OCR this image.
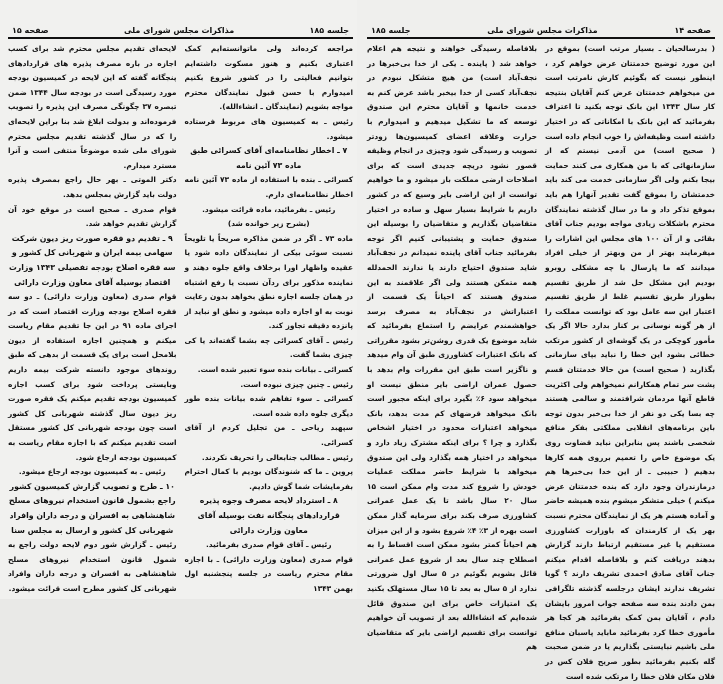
جلسه ۱۸۵
مذاکرات مجلس شورای ملی
صفحه ۱۵

مراجعه کرده‌اند ولی ماتوانسته‌ایم کمک اعتباری بکنیم و هنوز مسکوت داشته‌ایم بتوانیم فعالیتی را در کشور شروع بکنیم امیدوارم با حسن قبول نمایندگان محترم مواجه بشویم (نمایندگان ـ انشاءالله).

رئیس ـ به کمیسیون های مربوط فرستاده میشود.

۷ ـ اخطار نظامنامه‌ای آقای کسرائی طبق ماده ۷۳ آئین نامه

کسرائی ـ بنده با استفاده از ماده ۷۳ آئین نامه اخطار نظامنامه‌ای دارم.

رئیس ـ بفرمائید، ماده قرائت میشود.

(بشرح زیر خوانده شد)

ماده ۷۳ ـ اگر در ضمن مذاکره صریحاً یا تلویحاً نسبت سوئی بیکی از نمایندگان داده شود یا عقیده واظهار اورا برخلاف واقع جلوه دهند و نماینده مذکور برای ردآن نسبت یا رفع اشتباه در همان جلسه اجازه نطق بخواهد بدون رعایت نوبت به او اجازه داده میشود و نطق او نباید از پانزده دقیقه تجاوز کند.

رئیس ـ آقای کسرائی چه بشما گفته‌اند یا کی چیزی بشما گفت.

کسرائی ـ بیانات بنده سوء تعبیر شده است.

رئیس ـ چنین چیزی نبوده است.

کسرائی ـ سوء تفاهم شده بیانات بنده طور دیگری جلوه داده شده است.

سپهبد ریاحی ـ من تجلیل کردم از آقای کسرائی.

رئیس ـ مطالب جنابعالی را تحریف نکردند.

پروین ـ ما که شنوندگان بودیم با کمال احترام بفرمایشات شما گوش دادیم.

۸ ـ استرداد لایحه مصرف وجوه پذیره قراردادهای پنجگانه نفت بوسیله آقای معاون وزارت دارائی

رئیس ـ آقای قوام صدری بفرمائید.

قوام صدری (معاون وزارت دارائی) ـ با اجازه مقام محترم ریاست در جلسه پنجشنبه اول بهمن ۱۳۴۳

لایحه‌ای تقدیم مجلس محترم شد برای کسب اجازه در باره مصرف پذیره های قراردادهای پنجگانه گفته که این لایحه در کمیسیون بودجه مورد رسیدگی است در بودجه سال ۱۳۴۴ ضمن تبصره ۳۷ چگونگی مصرف این پذیره را تصویب فرموده‌اند و بدولت ابلاغ شد بنا براین لایحه‌ای را که در سال گذشته تقدیم مجلس محترم شورای ملی شده موضوعاً منتفی است و آنرا مسترد میدارم.

دکتر الموتی ـ بهر حال راجع بمصرف پذیره دولت باید گزارش بمجلس بدهد.

قوام صدری ـ صحیح است در موقع خود آن گزارش تقدیم خواهد شد.

۹ ـ تقدیم دو فقره صورت ریز دیون شرکت سهامی بیمه ایران و شهربانی کل کشور و سه فقره اصلاح بودجه تفصیلی ۱۳۴۳ وزارت اقتصاد بوسیله آقای معاون وزارت دارائی

قوام صدری (معاون وزارت دارائی) ـ دو سه فقره اصلاح بودجه وزارت اقتصاد است که در اجرای ماده ۹۱ در این جا تقدیم مقام ریاست میکنم و همچنین اجازه استفاده از دیون بلامحل است برای یک قسمت از بدهی که طبق روندهای موجود دانسته شرکت بیمه داریم وبایستی پرداخت شود برای کسب اجازه کمیسیون بودجه تقدیم میکنم یک فقره صورت ریز دیون سال گذشته شهربانی کل کشور است چون بودجه شهربانی کل کشور مستقل است تقدیم میکنم که با اجازه مقام ریاست به کمیسیون بودجه ارجاع شود.

رئیس ـ به کمیسیون بودجه ارجاع میشود.

۱۰ ـ طرح و تصویب گزارش کمیسیون کشور راجع بشمول قانون استخدام نیروهای مسلح شاهنشاهی به افسران و درجه داران وافراد شهربانی کل کشور و ارسال به مجلس سنا

رئیس ـ گزارش شور دوم لایحه دولت راجع به شمول قانون استخدام نیروهای مسلح شاهنشاهی به افسران و درجه داران وافراد شهربانی کل کشور مطرح است قرائت میشود.

صفحه ۱۴
مذاکرات مجلس شورای ملی
جلسه ۱۸۵

( بدرسالحیان ـ بسیار مرتب است) بموقع در این مورد توضیح خدمتتان عرض خواهم کرد ، اینطور نیست که بگوئیم کارش نامرتب است من میخواهم خدمتتان عرض کنم آقایان بنتیجه کار سال ۱۳۴۳ این بانک توجه بکنید تا اعتراف بفرمائید که این بانک با امکاناتی که در اختیار داشته است وظیفه‌اش را خوب انجام داده است ( صحیح است) من آدمی نیستم که از سازمانهائی که با من همکاری می کنند حمایت بیجا بکنم ولی اگر سازمانی خدمت می کند باید خدمتشان را بموقع گفت تقدیر آنهارا هم باید بموقع تذکر داد و ما در سال گذشته نمایندگان محترم باشکلات زیادی مواجه بودیم جناب آقای بقائی و از آن ۱۰۰ های مجلس این اشارات را میفرمایند بهتر از من وبهتر از خیلی افراد میدانند که ما پارسال با چه مشکلی روبرو بودیم این مشکل حل شد از طریق تقسیم بطوراز طریق تقسیم غلط از طریق تقسیم اعتبار این سه عامل بود که توانست مملکت را از هر گونه نوسانی بر کنار بدارد حالا اگر یک مأمور کوچکی در یک گوشه‌ای از کشور مرتکب خطائی بشود این خطا را نباید بپای سازمانی بگذارید ( صحیح است) من حالا خدمتتان قسم پشت سر تمام همکارانم نمیخواهم ولی اکثریت قاطع آنها مردمان شرافتمند و سالمی هستند چه بسا یکی دو نفر از خدا بی‌خبر بدون توجه باین برنامه‌های انقلابی مملکتی بفکر منافع شخصی باشند پس بنابراین نباید قضاوت روی یک موضوع خاص را تعمیم برروی همه کارها بدهیم ( حبیبی ـ از این خدا بی‌خبر‌ها هم درمازندران وجود دارد که بنده خدمتتان عرض میکنم ) خیلی متشکر میشوم بنده همیشه حاضر و آماده هستم هر یک از نمایندگان محترم نسبت بهر یک از کارمندان که باوزارت کشاورزی مستقیم یا غیر مستقیم ارتباط دارند گزارش بدهند دریافت کنم و بلافاصله اقدام میکنم جناب آقای صادق احمدی تشریف دارند ؟ گویا تشریف ندارند ایشان درجلسه گذشته تلگرافی بمن دادند بنده سه صفحه جواب امروز بایشان دادم ، آقایان بمن کمک بفرمائید هر کجا هر مأموری خطا کرد بفرمائید ماباید پاسبان منافع ملی باشیم نبایستی بگذاریم یا در ضمن صحبت گله بکنیم بفرمائید بطور صریح فلان کس در فلان مکان فلان خطا را مرتکب شده است

بلافاصله رسیدگی خواهند و نتیجه هم اعلام خواهد شد ( پاینده ـ یکی از خدا بی‌خبرها در نجف‌آباد است) من هیچ متشکل نبودم در نجف‌آباد کسی از خدا بیخبر باشد عرض کنم به خدمت خانمها و آقایان محترم این صندوق توسعه که ما تشکیل میدهیم و امیدوارم با حرارت وعلاقه اعضای کمیسیون‌ها زودتر تصویب و رسیدگی شود وچیزی در انجام وظیفه قصور نشود دریچه جدیدی است که برای اصلاحات ارضی مملکت باز میشود و ما خواهیم توانست از این اراضی بایر وسیع که در کشور داریم با شرایط بسیار سهل و ساده در اختیار متقاضیان بگذاریم و متقاضیان را بوسیله این صندوق حمایت و پشتیبانی کنیم اگر توجه بفرمائید جناب آقای پاینده نمیدانم در نجف‌آباد شاید صندوق احتیاج دارند یا ندارند الحمدلله همه متمکن هستند ولی اگر علاقمند به این صندوق هستند که احیاناً یک قسمت از اعتباراتش در نجف‌آباد به مصرف برسد خواهشمندم عرایضم را استماع بفرمائید که شاید موضوع یک قدری روشن‌تر بشود مقرراتی که بانک اعتبارات کشاورزی طبق آن وام میدهد و ناگزیر است طبق این مقررات وام بدهد با حصول عمران اراضی بایر منطق نیست او میخواهد سود ۶٪ بگیرد برای اینکه مجبور است بانک میخواهد قرضهای کم مدت بدهد، بانک میخواهد اعتبارات محدود در اختیار اشخاص بگذارد و چرا ؟ برای اینکه مشترک زیاد دارد و میخواهد در اختیار همه بگذارد ولی این صندوق میخواهد با شرایط حاضر مملکت عملیات خودش را شروع کند مدت وام ممکن است ۱۵ سال ۲۰ سال باشد تا یک عمل عمرانی کشاورزی صرف بکند برای سرمایه گذار ممکن است بهره از ۳٪ ۴٪ شروع بشود و از این میزان هم احیاناً کمتر بشود ممکن است اقساط را به اصطلاح چند سال بعد از شروع عمل عمرانی قائل بشویم بگوئیم در ۵ سال اول ضرورتی ندارد از ۵ سال به بعد تا ۱۵ سال مستهلک بکنید یک امتیازات خاص برای این صندوق قائل شده‌ایم که انشاءالله بعد از تصویب آن خواهیم توانست برای تقسیم اراضی بایر که متقاضیان هم
